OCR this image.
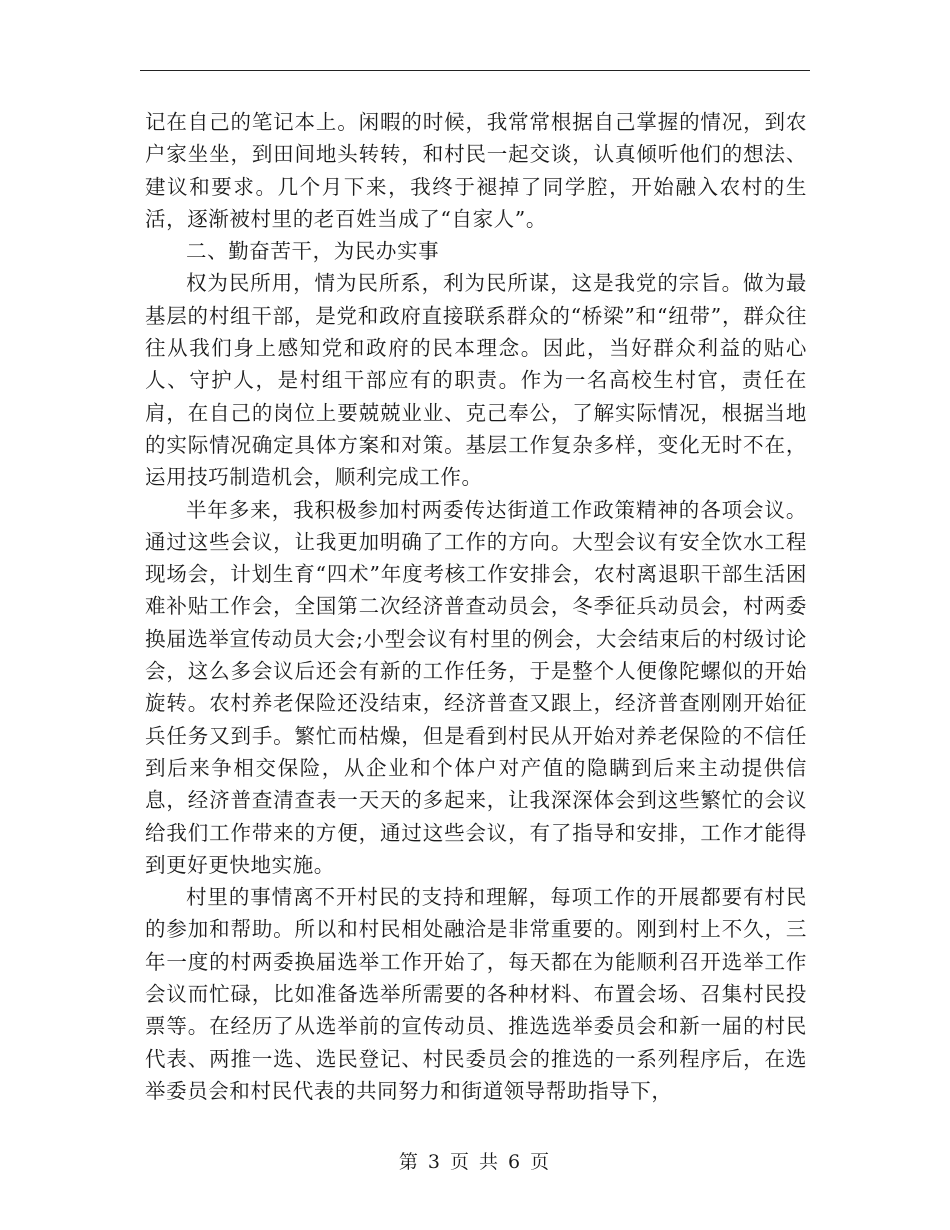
记在自己的笔记本上。闲暇的时候，我常常根据自己掌握的情况，到农户家坐坐，到田间地头转转，和村民一起交谈，认真倾听他们的想法、建议和要求。几个月下来，我终于褪掉了同学腔，开始融入农村的生活，逐渐被村里的老百姓当成了“自家人”。

二、勤奋苦干，为民办实事

权为民所用，情为民所系，利为民所谋，这是我党的宗旨。做为最基层的村组干部，是党和政府直接联系群众的“桥梁”和“纽带”，群众往往从我们身上感知党和政府的民本理念。因此，当好群众利益的贴心人、守护人，是村组干部应有的职责。作为一名高校生村官，责任在肩，在自己的岗位上要兢兢业业、克己奉公，了解实际情况，根据当地的实际情况确定具体方案和对策。基层工作复杂多样，变化无时不在，运用技巧制造机会，顺利完成工作。

半年多来，我积极参加村两委传达街道工作政策精神的各项会议。通过这些会议，让我更加明确了工作的方向。大型会议有安全饮水工程现场会，计划生育“四术”年度考核工作安排会，农村离退职干部生活困难补贴工作会，全国第二次经济普查动员会，冬季征兵动员会，村两委换届选举宣传动员大会;小型会议有村里的例会，大会结束后的村级讨论会，这么多会议后还会有新的工作任务，于是整个人便像陀螺似的开始旋转。农村养老保险还没结束，经济普查又跟上，经济普查刚刚开始征兵任务又到手。繁忙而枯燥，但是看到村民从开始对养老保险的不信任到后来争相交保险，从企业和个体户对产值的隐瞒到后来主动提供信息，经济普查清查表一天天的多起来，让我深深体会到这些繁忙的会议给我们工作带来的方便，通过这些会议，有了指导和安排，工作才能得到更好更快地实施。

村里的事情离不开村民的支持和理解，每项工作的开展都要有村民的参加和帮助。所以和村民相处融洽是非常重要的。刚到村上不久，三年一度的村两委换届选举工作开始了，每天都在为能顺利召开选举工作会议而忙碌，比如准备选举所需要的各种材料、布置会场、召集村民投票等。在经历了从选举前的宣传动员、推选选举委员会和新一届的村民代表、两推一选、选民登记、村民委员会的推选的一系列程序后，在选举委员会和村民代表的共同努力和街道领导帮助指导下，

第 3 页 共 6 页
